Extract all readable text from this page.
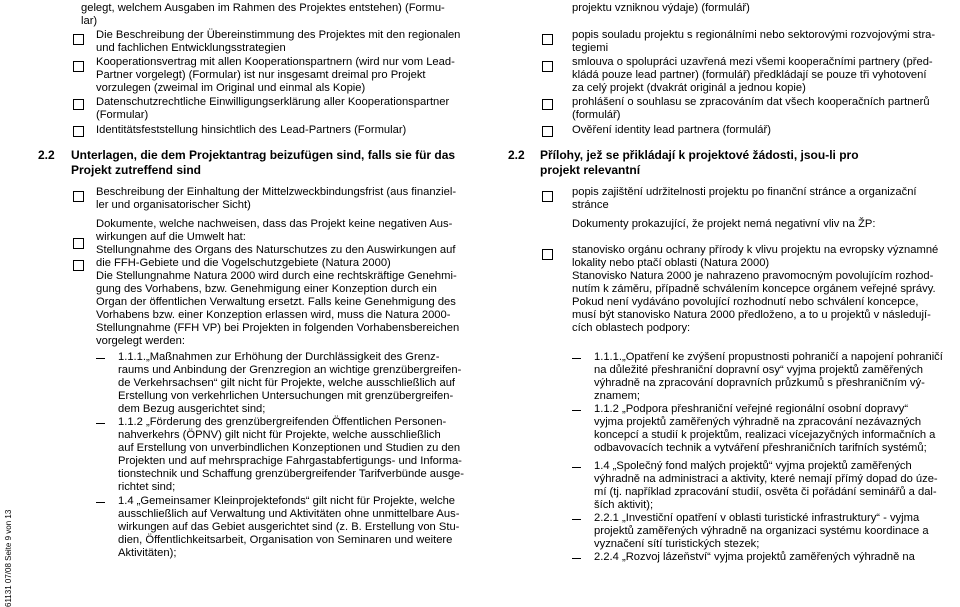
gelegt, welchem Ausgaben im Rahmen des Projektes entstehen) (Formu-
lar)
Die Beschreibung der Übereinstimmung des Projektes mit den regionalen
und fachlichen Entwicklungsstrategien
Kooperationsvertrag mit allen Kooperationspartnern (wird nur vom Lead-
Partner vorgelegt) (Formular) ist nur insgesamt dreimal pro Projekt
vorzulegen (zweimal im Original und einmal als Kopie)
Datenschutzrechtliche Einwilligungserklärung aller Kooperationspartner
(Formular)
Identitätsfeststellung hinsichtlich des Lead-Partners (Formular)
2.2 Unterlagen, die dem Projektantrag beizufügen sind, falls sie für das
Projekt zutreffend sind
Beschreibung der Einhaltung der Mittelzweckbindungsfrist (aus finanziel-
ler und organisatorischer Sicht)
Dokumente, welche nachweisen, dass das Projekt keine negativen Aus-
wirkungen auf die Umwelt hat:
Stellungnahme des Organs des Naturschutzes zu den Auswirkungen auf
die FFH-Gebiete und die Vogelschutzgebiete (Natura 2000)
Die Stellungnahme Natura 2000 wird durch eine rechtskräftige Genehmi-
gung des Vorhabens, bzw. Genehmigung einer Konzeption durch ein
Organ der öffentlichen Verwaltung ersetzt. Falls keine Genehmigung des
Vorhabens bzw. einer Konzeption erlassen wird, muss die Natura 2000-
Stellungnahme (FFH VP) bei Projekten in folgenden Vorhabensbereichen
vorgelegt werden:
1.1.1.„Maßnahmen zur Erhöhung der Durchlässigkeit des Grenz-
raums und Anbindung der Grenzregion an wichtige grenzübergreifen-
de Verkehrsachsen“ gilt nicht für Projekte, welche ausschließlich auf
Erstellung von verkehrlichen Untersuchungen mit grenzübergreifen-
dem Bezug ausgerichtet sind;
1.1.2 „Förderung des grenzübergreifenden Öffentlichen Personen-
nahverkehrs (ÖPNV) gilt nicht für Projekte, welche ausschließlich
auf Erstellung von unverbindlichen Konzeptionen und Studien zu den
Projekten und auf mehrsprachige Fahrgastabfertigungs- und Informa-
tionstechnik und Schaffung grenzübergreifender Tarifverbünde ausge-
richtet sind;
1.4 „Gemeinsamer Kleinprojektefonds“ gilt nicht für Projekte, welche
ausschließlich auf Verwaltung und Aktivitäten ohne unmittelbare Aus-
wirkungen auf das Gebiet ausgerichtet sind (z. B. Erstellung von Stu-
dien, Öffentlichkeitsarbeit, Organisation von Seminaren und weitere
Aktivitäten);
projektu vzniknou výdaje) (formulář)
popis souladu projektu s regionálními nebo sektorovými rozvojovými stra-
tegiemi
smlouva o spolupráci uzavřená mezi všemi kooperačními partnery (před-
kládá pouze lead partner) (formulář) předkládají se pouze tři vyhotovení
za celý projekt (dvakrát originál a jednou kopie)
prohlášení o souhlasu se zpracováním dat všech kooperačních partnerů
(formulář)
Ověření identity lead partnera (formulář)
2.2 Přílohy, jež se přikládají k projektové žádosti, jsou-li pro
projekt relevantní
popis zajištění udržitelnosti projektu po finanční stránce a organizační
stránce
Dokumenty prokazující, že projekt nemá negativní vliv na ŽP:
stanovisko orgánu ochrany přírody k vlivu projektu na evropsky významné
lokality nebo ptačí oblasti (Natura 2000)
Stanovisko Natura 2000 je nahrazeno pravomocným povolujícím rozhod-
nutím k záměru, případně schválením koncepce orgánem veřejné správy.
Pokud není vydáváno povolující rozhodnutí nebo schválení koncepce,
musí být stanovisko Natura 2000 předloženo, a to u projektů v následují-
cích oblastech podpory:
1.1.1.„Opatření ke zvýšení propustnosti pohraničí a napojení pohraničí
na důležité přeshraniční dopravní osy“ vyjma projektů zaměřených
výhradně na zpracování dopravních průzkumů s přeshraničním vý-
znamem;
1.1.2 „Podpora přeshraniční veřejné regionální osobní dopravy“
vyjma projektů zaměřených výhradně na zpracování nezávazných
koncepcí a studií k projektům, realizaci vícejazyčných informačních a
odbavovacích technik a vytváření přeshraničních tarifních systémů;
1.4 „Společný fond malých projektů“ vyjma projektů zaměřených
výhradně na administraci a aktivity, které nemají přímý dopad do úze-
mí (tj. například zpracování studií, osvěta či pořádání seminářů a dal-
ších aktivit);
2.2.1 „Investiční opatření v oblasti turistické infrastruktury“ - vyjma
projektů zaměřených výhradně na organizaci systému koordinace a
vyznačení sítí turistických stezek;
2.2.4 „Rozvoj lázeňství“ vyjma projektů zaměřených výhradně na
61131 07/08 Seite 9 von 13
